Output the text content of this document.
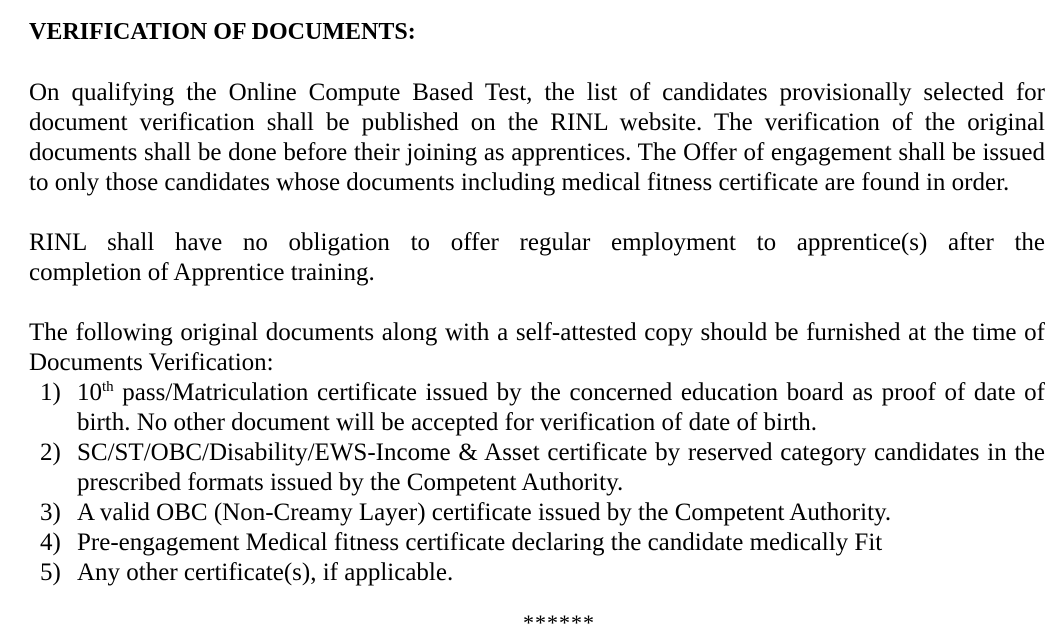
VERIFICATION OF DOCUMENTS:

On qualifying the Online Compute Based Test, the list of candidates provisionally selected for document verification shall be published on the RINL website. The verification of the original documents shall be done before their joining as apprentices. The Offer of engagement shall be issued to only those candidates whose documents including medical fitness certificate are found in order.

RINL shall have no obligation to offer regular employment to apprentice(s) after the
completion of Apprentice training.

The following original documents along with a self-attested copy should be furnished at the time of Documents Verification:

1) 10th pass/Matriculation certificate issued by the concerned education board as proof of date of birth. No other document will be accepted for verification of date of birth.
2) SC/ST/OBC/Disability/EWS-Income & Asset certificate by reserved category candidates in the prescribed formats issued by the Competent Authority.
3) A valid OBC (Non-Creamy Layer) certificate issued by the Competent Authority.
4) Pre-engagement Medical fitness certificate declaring the candidate medically Fit
5) Any other certificate(s), if applicable.
******
